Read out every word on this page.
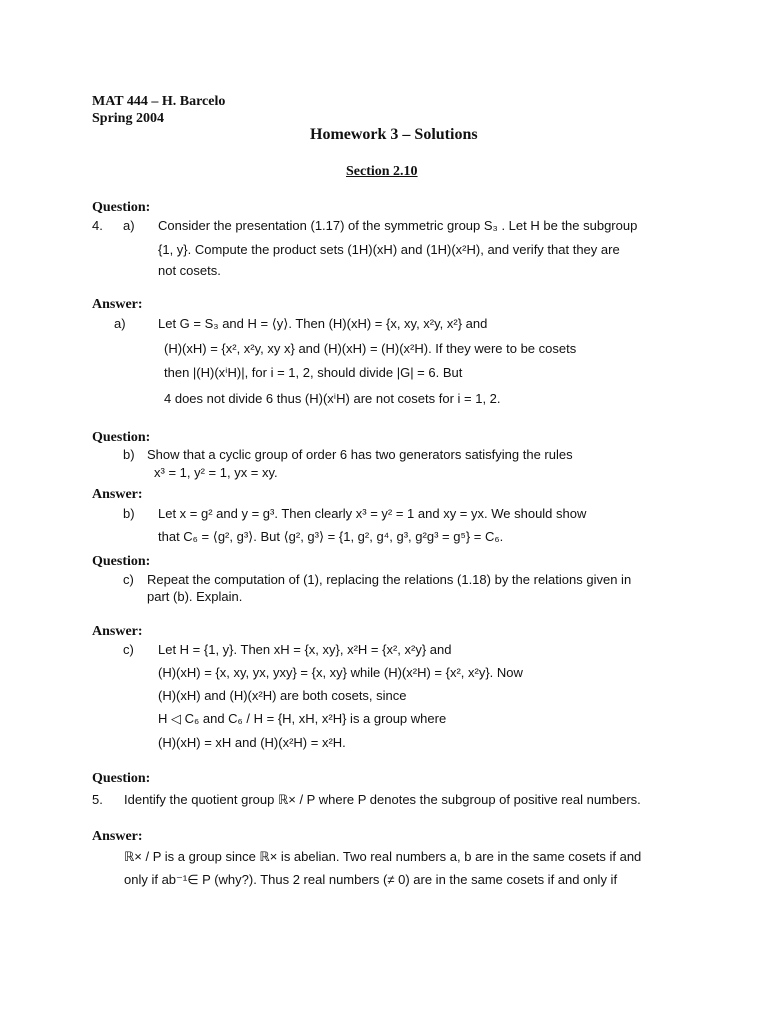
MAT 444 – H. Barcelo
Spring 2004
Homework 3 – Solutions
Section 2.10
Question:
4. a) Consider the presentation (1.17) of the symmetric group S₃ . Let H be the subgroup
{1, y}. Compute the product sets (1H)(xH) and (1H)(x²H), and verify that they are
not cosets.
Answer:
a) Let G = S₃ and H = ⟨y⟩. Then (H)(xH) = {x, xy, x²y, x²} and
(H)(xH) = {x², x²y, xy x} and (H)(xH) = (H)(x²H). If they were to be cosets
then |(H)(xⁱH)|, for i = 1, 2, should divide |G| = 6. But
4 does not divide 6 thus (H)(xⁱH) are not cosets for i = 1, 2.
Question:
b) Show that a cyclic group of order 6 has two generators satisfying the rules
x³ = 1, y² = 1, yx = xy.
Answer:
b) Let x = g² and y = g³. Then clearly x³ = y² = 1 and xy = yx. We should show
that C₆ = ⟨g², g³⟩. But ⟨g², g³⟩ = {1, g², g⁴, g³, g²g³ = g⁵} = C₆.
Question:
c) Repeat the computation of (1), replacing the relations (1.18) by the relations given in
part (b). Explain.
Answer:
c) Let H = {1, y}. Then xH = {x, xy}, x²H = {x², x²y} and
(H)(xH) = {x, xy, yx, yxy} = {x, xy} while (H)(x²H) = {x², x²y}. Now
(H)(xH) and (H)(x²H) are both cosets, since
H ◁ C₆ and C₆ / H = {H, xH, x²H} is a group where
(H)(xH) = xH and (H)(x²H) = x²H.
Question:
5. Identify the quotient group ℝ× / P where P denotes the subgroup of positive real numbers.
Answer:
ℝ× / P is a group since ℝ× is abelian. Two real numbers a, b are in the same cosets if and
only if ab⁻¹∈ P (why?). Thus 2 real numbers (≠ 0) are in the same cosets if and only if
